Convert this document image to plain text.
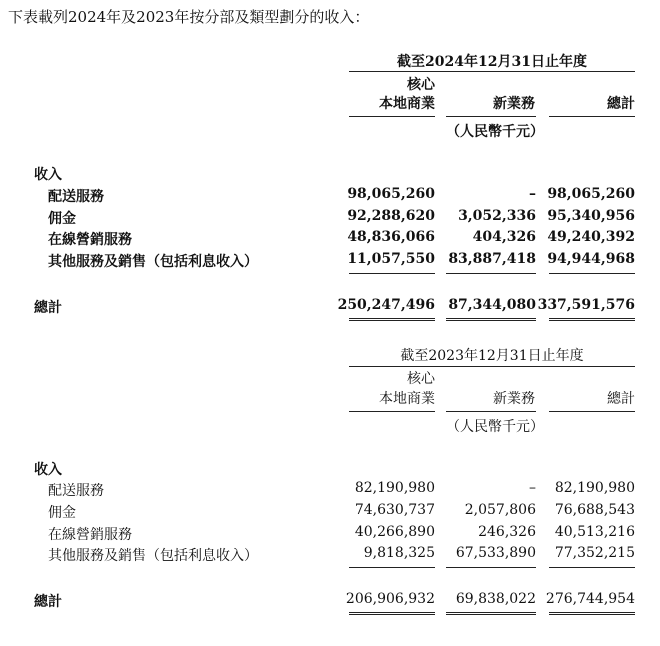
下表載列2024年及2023年按分部及類型劃分的收入：
截至2024年12月31日止年度
核心
本地商業	新業務	總計
（人民幣千元）
收入
配送服務	98,065,260	– 98,065,260
佣金	92,288,620	3,052,336 95,340,956
在線營銷服務	48,836,066	404,326 49,240,392
其他服務及銷售（包括利息收入）	11,057,550 83,887,418 94,944,968
總計	250,247,496 87,344,080 337,591,576
截至2023年12月31日止年度
核心
本地商業	新業務	總計
（人民幣千元）
收入
配送服務	82,190,980	–	82,190,980
佣金	74,630,737	2,057,806	76,688,543
在線營銷服務	40,266,890	246,326	40,513,216
其他服務及銷售（包括利息收入）	9,818,325	67,533,890	77,352,215
總計	206,906,932	69,838,022 276,744,954
